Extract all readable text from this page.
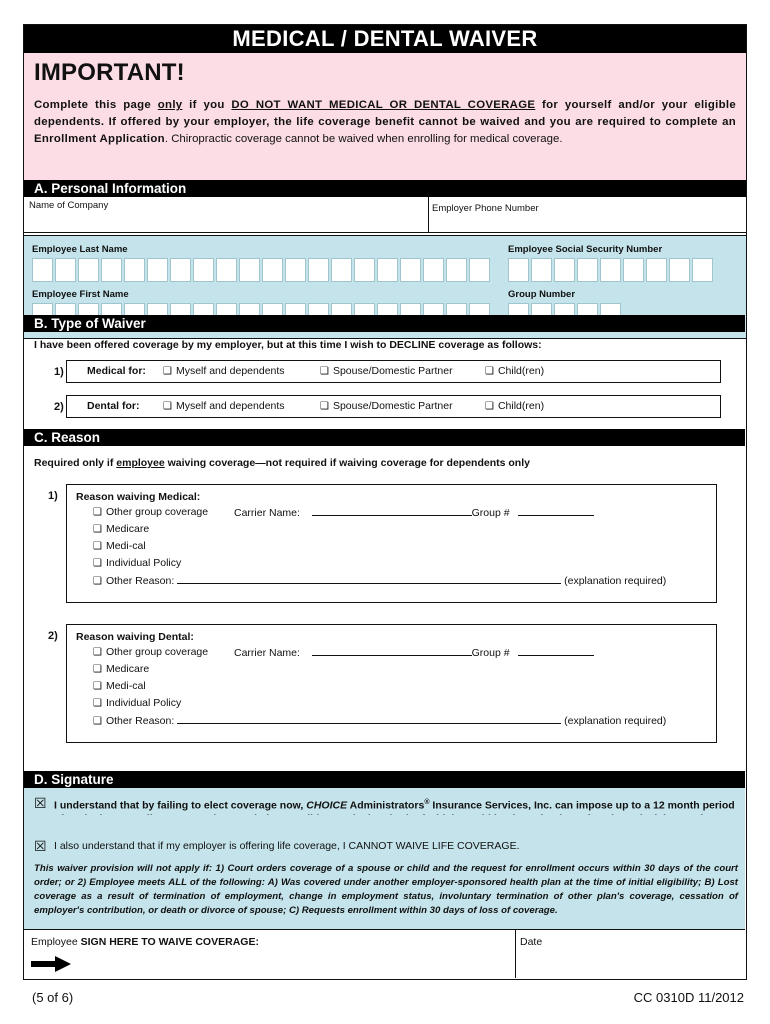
MEDICAL / DENTAL WAIVER
IMPORTANT!

Complete this page only if you DO NOT WANT MEDICAL OR DENTAL COVERAGE for yourself and/or your eligible dependents. If offered by your employer, the life coverage benefit cannot be waived and you are required to complete an Enrollment Application. Chiropractic coverage cannot be waived when enrolling for medical coverage.

A. Personal Information
Name of Company	Employer Phone Number
Employee Last Name	Employee Social Security Number
Employee First Name	Group Number
B. Type of Waiver
I have been offered coverage by my employer, but at this time I wish to DECLINE coverage as follows:
1) Medical for: ❑ Myself and dependents	❑ Spouse/Domestic Partner	❑ Child(ren)
2) Dental for: ❑ Myself and dependents	❑ Spouse/Domestic Partner	❑ Child(ren)
C. Reason
Required only if employee waiving coverage—not required if waiving coverage for dependents only
1) Reason waiving Medical:
❑ Other group coverage Carrier Name:	Group #
❑ Medicare
❑ Medi-cal
❑ Individual Policy
❑ Other Reason:	(explanation required)
2) Reason waiving Dental:
❑ Other group coverage Carrier Name:	Group #
❑ Medicare
❑ Medi-cal
❑ Individual Policy
❑ Other Reason:	(explanation required)
D. Signature
☒ I understand that by failing to elect coverage now, CHOICE Administrators® Insurance Services, Inc. can impose up to a 12 month period
☒ I also understand that if my employer is offering life coverage, I CANNOT WAIVE LIFE COVERAGE.
This waiver provision will not apply if: 1) Court orders coverage of a spouse or child and the request for enrollment occurs within 30 days of the court order; or 2) Employee meets ALL of the following: A) Was covered under another employer-sponsored health plan at the time of initial eligibility; B) Lost coverage as a result of termination of employment, change in employment status, involuntary termination of other plan's coverage, cessation of employer's contribution, or death or divorce of spouse; C) Requests enrollment within 30 days of loss of coverage.
Employee SIGN HERE TO WAIVE COVERAGE:	Date
(5 of 6)	CC 0310D 11/2012
